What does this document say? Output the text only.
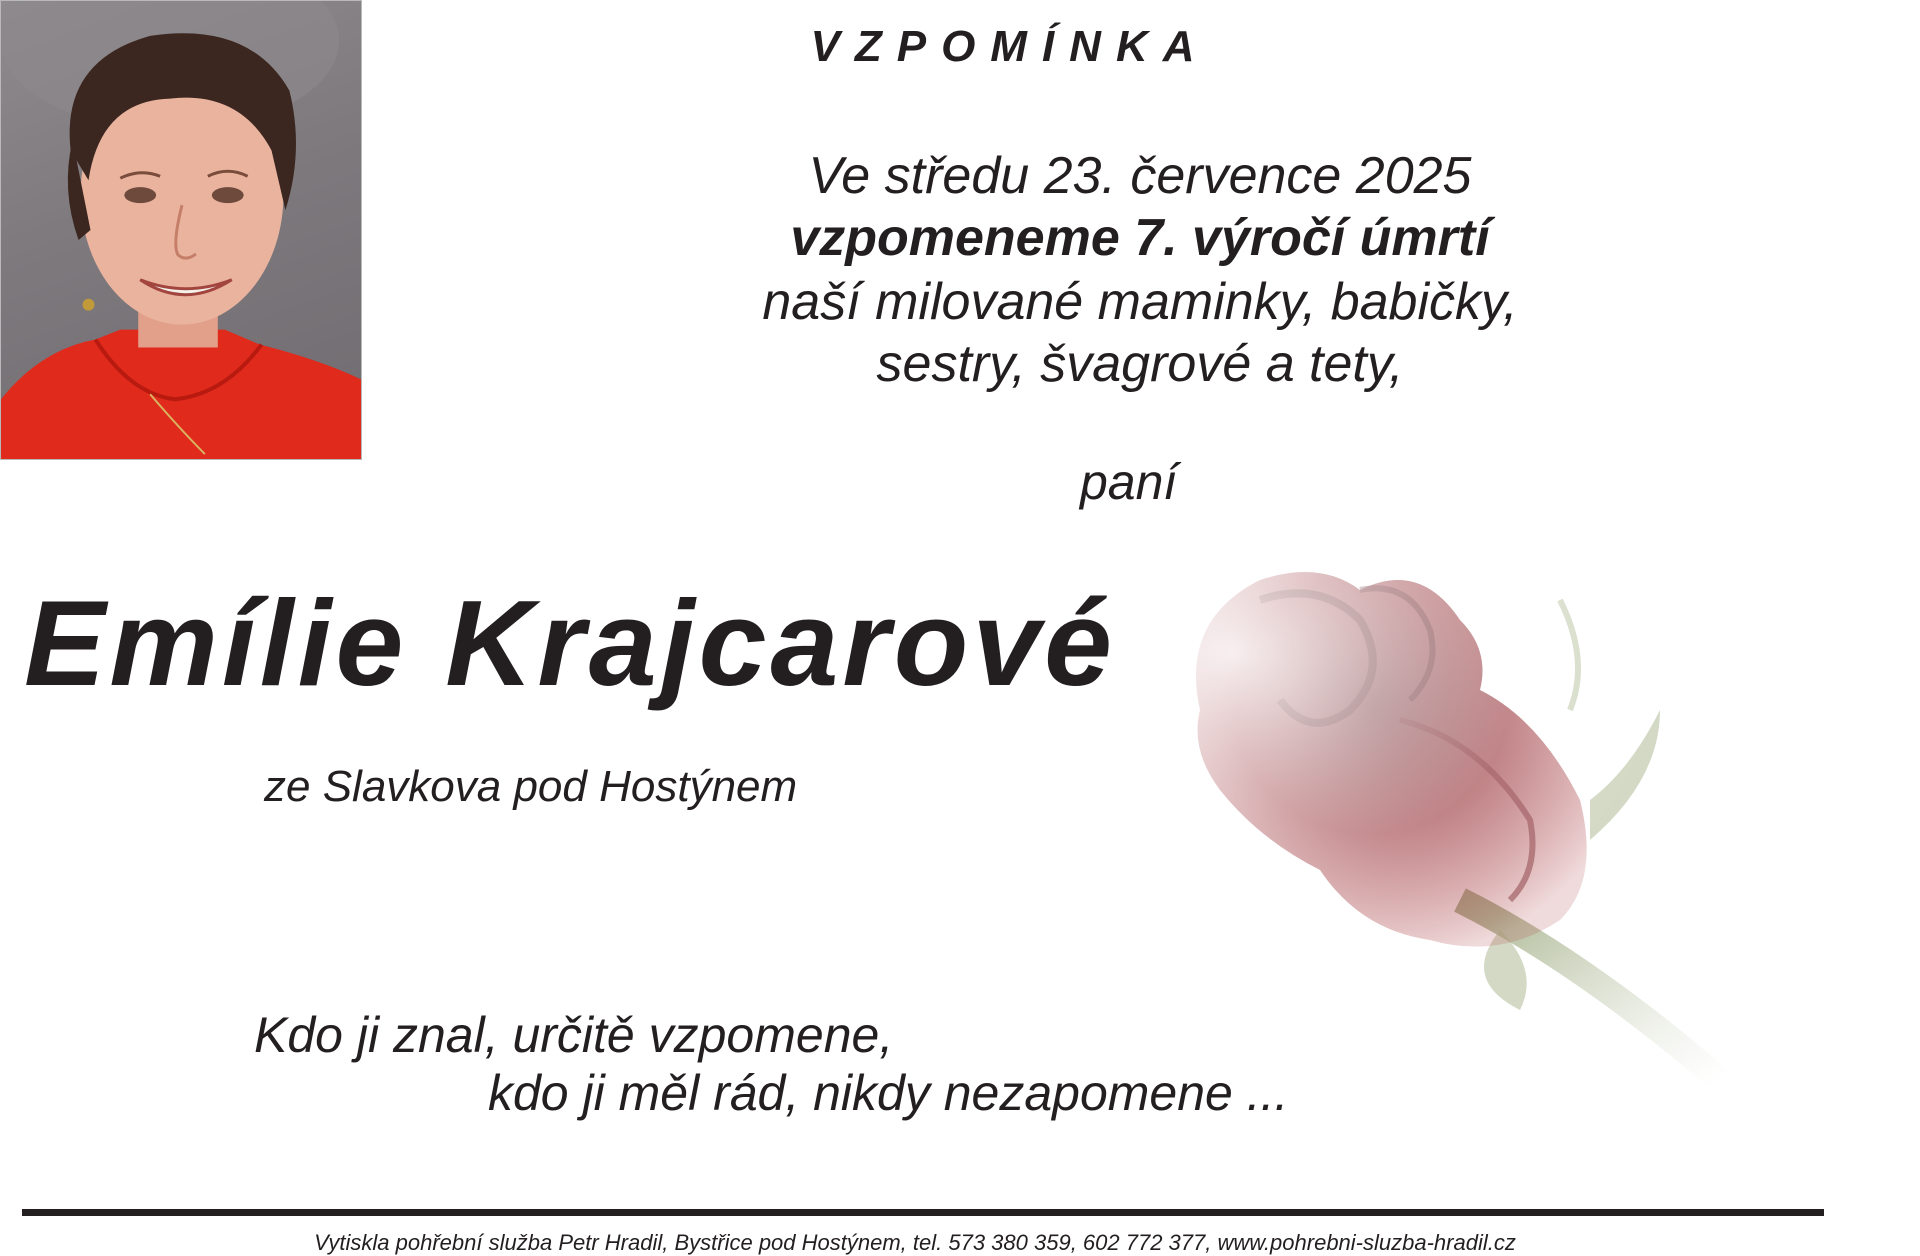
VZPOMÍNKA
Ve středu 23. července 2025
vzpomeneme 7. výročí úmrtí
naší milované maminky, babičky,
sestry, švagrové a tety,
paní
Emílie Krajcarové
ze Slavkova pod Hostýnem
Kdo ji znal, určitě vzpomene,
kdo ji měl rád, nikdy nezapomene ...
Vytiskla pohřební služba Petr Hradil, Bystřice pod Hostýnem, tel. 573 380 359, 602 772 377, www.pohrebni-sluzba-hradil.cz
